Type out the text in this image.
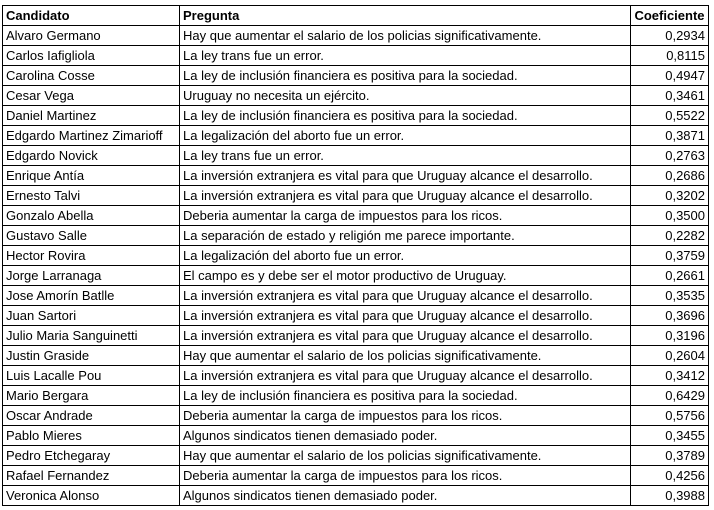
Candidato	Pregunta	Coeficiente
Alvaro Germano	Hay que aumentar el salario de los policias significativamente.	0,2934
Carlos Iafigliola	La ley trans fue un error.	0,8115
Carolina Cosse	La ley de inclusión financiera es positiva para la sociedad.	0,4947
Cesar Vega	Uruguay no necesita un ejército.	0,3461
Daniel Martinez	La ley de inclusión financiera es positiva para la sociedad.	0,5522
Edgardo Martinez Zimarioff	La legalización del aborto fue un error.	0,3871
Edgardo Novick	La ley trans fue un error.	0,2763
Enrique Antía	La inversión extranjera es vital para que Uruguay alcance el desarrollo.	0,2686
Ernesto Talvi	La inversión extranjera es vital para que Uruguay alcance el desarrollo.	0,3202
Gonzalo Abella	Deberia aumentar la carga de impuestos para los ricos.	0,3500
Gustavo Salle	La separación de estado y religión me parece importante.	0,2282
Hector Rovira	La legalización del aborto fue un error.	0,3759
Jorge Larranaga	El campo es y debe ser el motor productivo de Uruguay.	0,2661
Jose Amorín Batlle	La inversión extranjera es vital para que Uruguay alcance el desarrollo.	0,3535
Juan Sartori	La inversión extranjera es vital para que Uruguay alcance el desarrollo.	0,3696
Julio Maria Sanguinetti	La inversión extranjera es vital para que Uruguay alcance el desarrollo.	0,3196
Justin Graside	Hay que aumentar el salario de los policias significativamente.	0,2604
Luis Lacalle Pou	La inversión extranjera es vital para que Uruguay alcance el desarrollo.	0,3412
Mario Bergara	La ley de inclusión financiera es positiva para la sociedad.	0,6429
Oscar Andrade	Deberia aumentar la carga de impuestos para los ricos.	0,5756
Pablo Mieres	Algunos sindicatos tienen demasiado poder.	0,3455
Pedro Etchegaray	Hay que aumentar el salario de los policias significativamente.	0,3789
Rafael Fernandez	Deberia aumentar la carga de impuestos para los ricos.	0,4256
Veronica Alonso	Algunos sindicatos tienen demasiado poder.	0,3988
